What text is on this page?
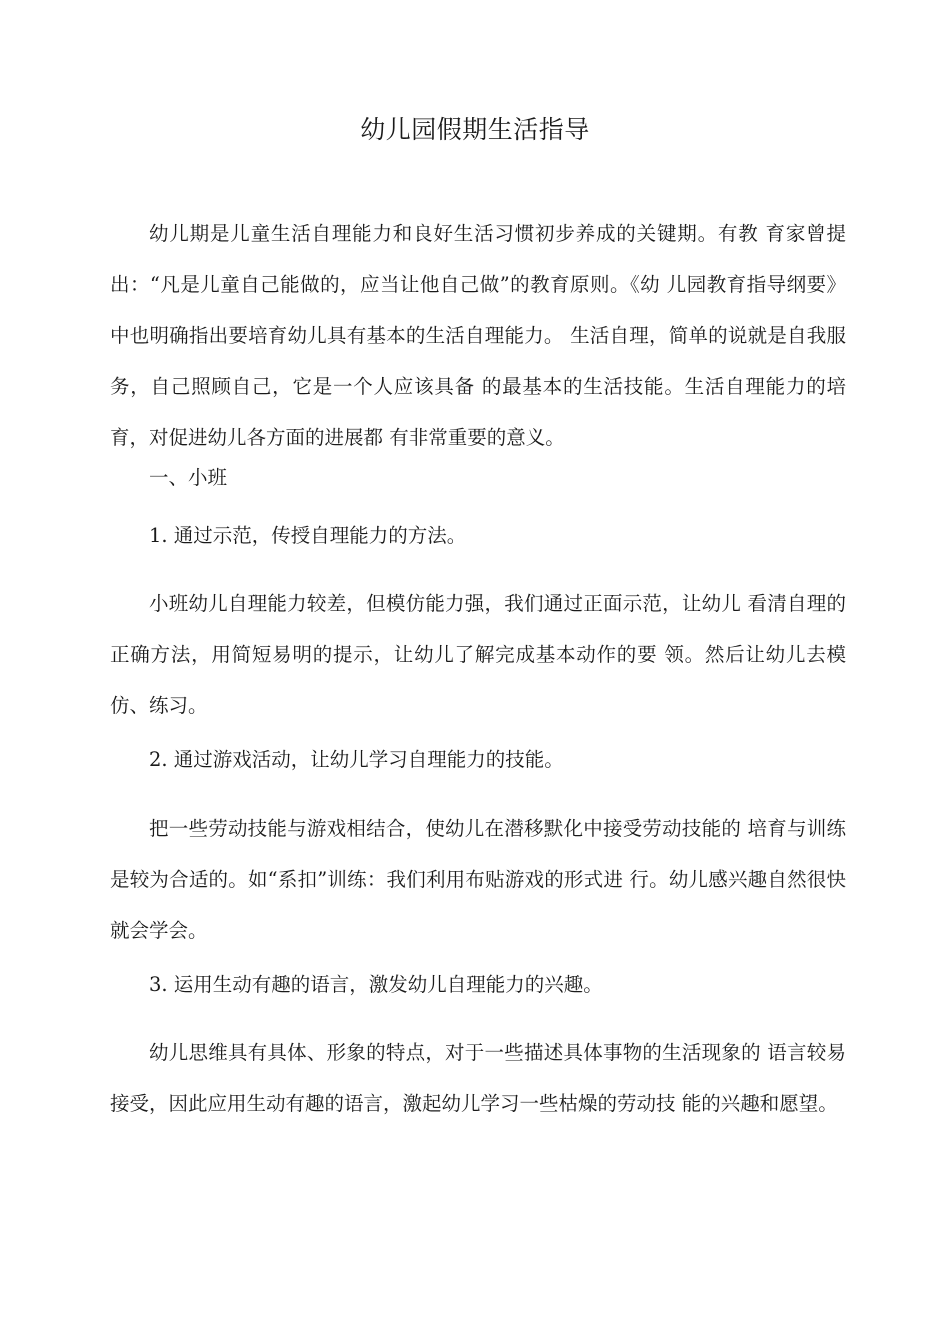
幼儿园假期生活指导

幼儿期是儿童生活自理能力和良好生活习惯初步养成的关键期。有教 育家曾提出：“凡是儿童自己能做的，应当让他自己做”的教育原则。《幼 儿园教育指导纲要》中也明确指出要培育幼儿具有基本的生活自理能力。 生活自理，简单的说就是自我服务，自己照顾自己，它是一个人应该具备 的最基本的生活技能。生活自理能力的培育，对促进幼儿各方面的进展都 有非常重要的意义。

一、小班

1. 通过示范，传授自理能力的方法。

小班幼儿自理能力较差，但模仿能力强，我们通过正面示范，让幼儿 看清自理的正确方法，用简短易明的提示，让幼儿了解完成基本动作的要 领。然后让幼儿去模仿、练习。

2. 通过游戏活动，让幼儿学习自理能力的技能。

把一些劳动技能与游戏相结合，使幼儿在潜移默化中接受劳动技能的 培育与训练是较为合适的。如“系扣”训练：我们利用布贴游戏的形式进 行。幼儿感兴趣自然很快就会学会。

3. 运用生动有趣的语言，激发幼儿自理能力的兴趣。

幼儿思维具有具体、形象的特点，对于一些描述具体事物的生活现象的 语言较易接受，因此应用生动有趣的语言，激起幼儿学习一些枯燥的劳动技 能的兴趣和愿望。
